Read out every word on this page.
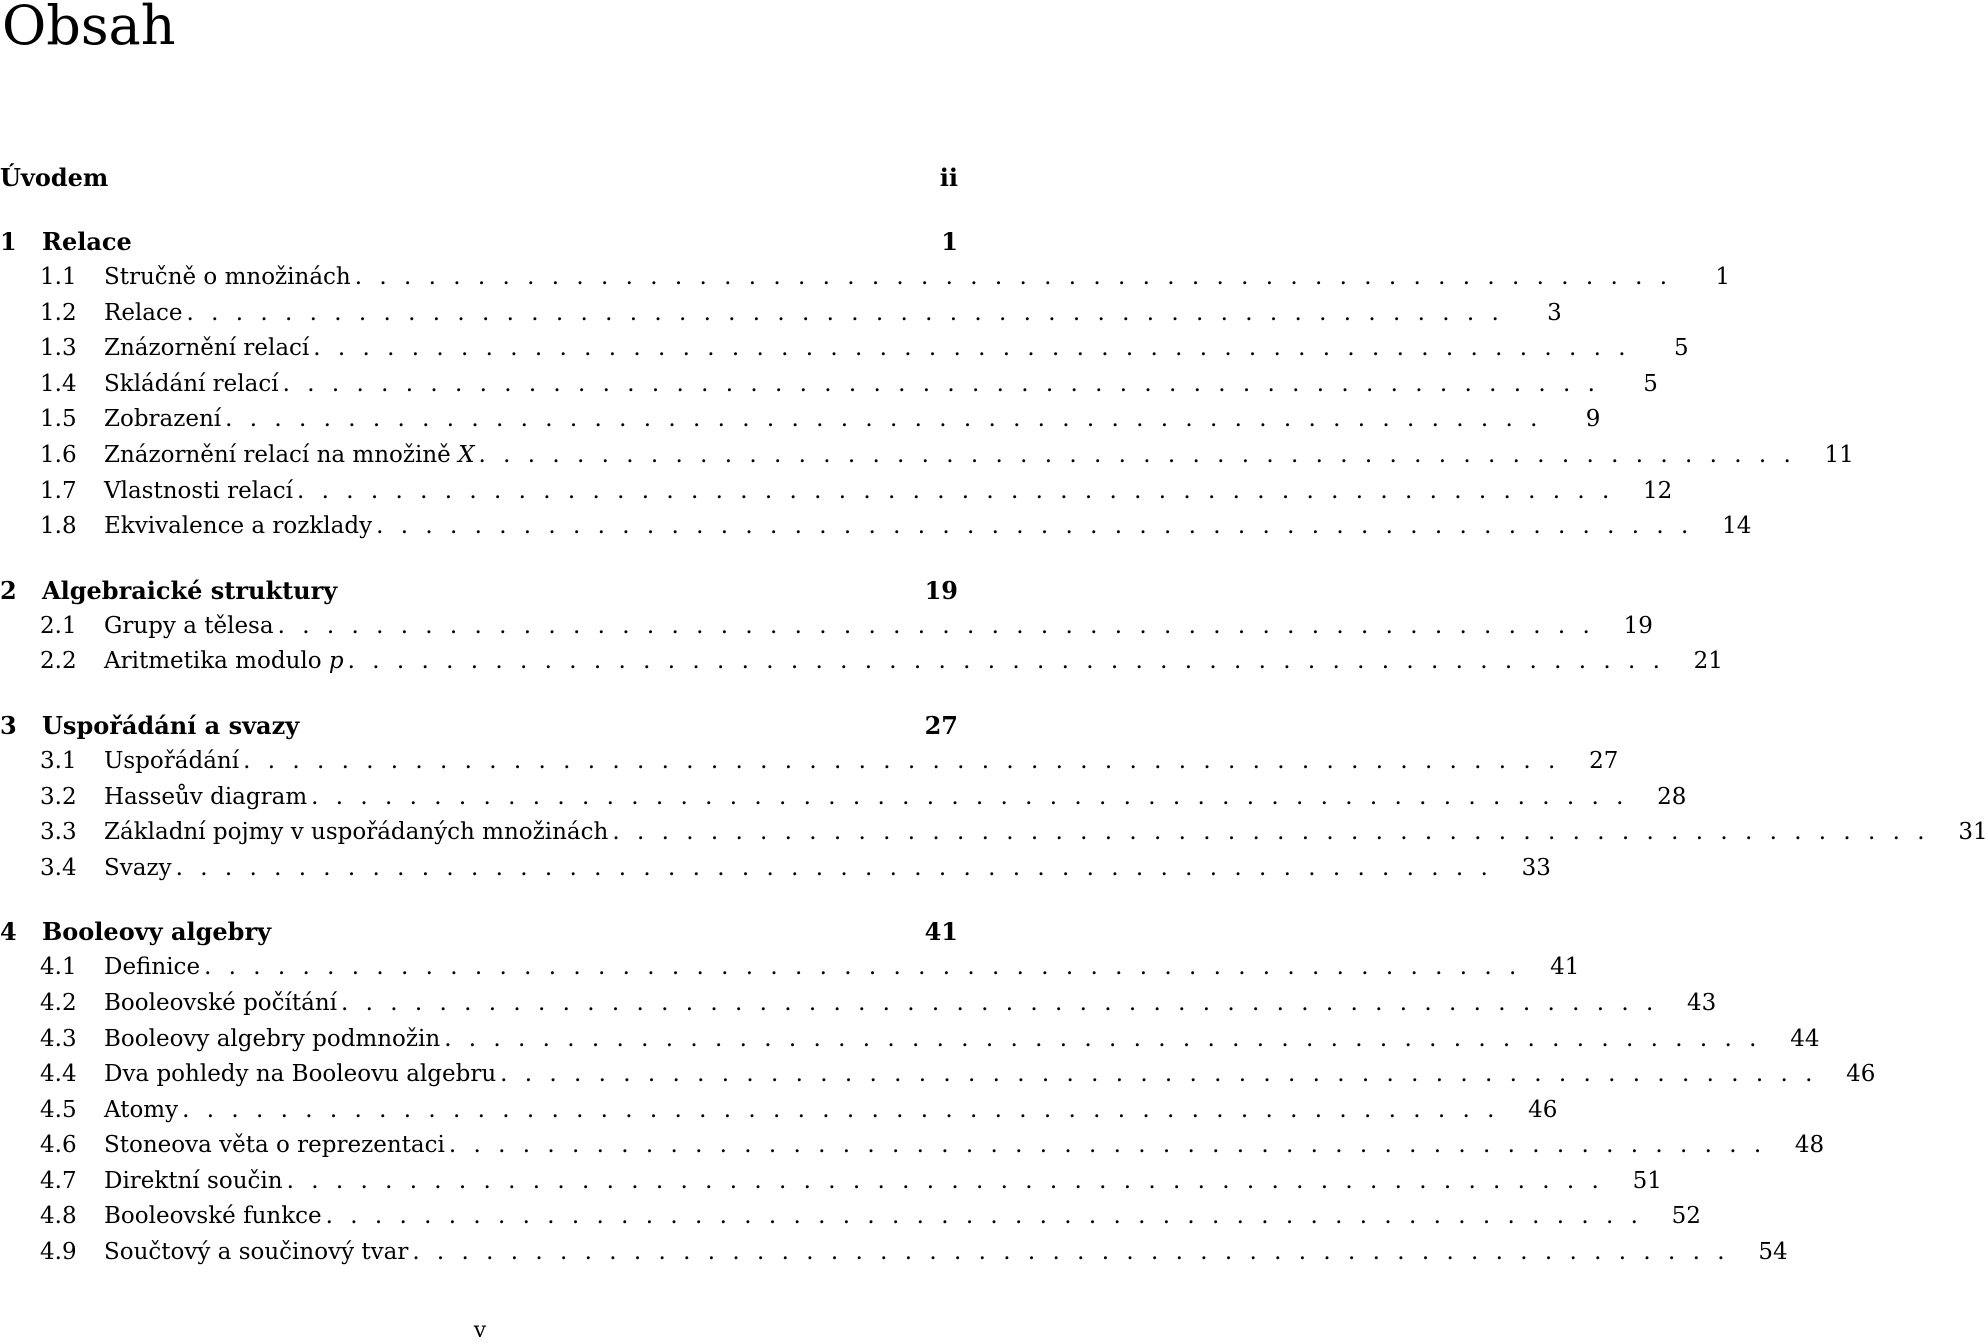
Obsah
Úvodem	ii
1	Relace	1
1.1	Stručně o množinách . . . . . . . . . . . . . . . . . . . . . . . . . . . . . . . . . . . . . . . . . . . . . . . . . . . . . .	1
1.2	Relace . . . . . . . . . . . . . . . . . . . . . . . . . . . . . . . . . . . . . . . . . . . . . . . . . . . . . .	3
1.3	Znázornění relací . . . . . . . . . . . . . . . . . . . . . . . . . . . . . . . . . . . . . . . . . . . . . . . . . . . . . .	5
1.4	Skládání relací . . . . . . . . . . . . . . . . . . . . . . . . . . . . . . . . . . . . . . . . . . . . . . . . . . . . . .	5
1.5	Zobrazení . . . . . . . . . . . . . . . . . . . . . . . . . . . . . . . . . . . . . . . . . . . . . . . . . . . . . .	9
1.6	Znázornění relací na množině X . . . . . . . . . . . . . . . . . . . . . . . . . . . . . . . . . . . . . . . . . . . . . . . . . . . . . .	11
1.7	Vlastnosti relací . . . . . . . . . . . . . . . . . . . . . . . . . . . . . . . . . . . . . . . . . . . . . . . . . . . . . .	12
1.8	Ekvivalence a rozklady . . . . . . . . . . . . . . . . . . . . . . . . . . . . . . . . . . . . . . . . . . . . . . . . . . . . . .	14
2	Algebraické struktury	19
2.1	Grupy a tělesa . . . . . . . . . . . . . . . . . . . . . . . . . . . . . . . . . . . . . . . . . . . . . . . . . . . . . .	19
2.2	Aritmetika modulo p . . . . . . . . . . . . . . . . . . . . . . . . . . . . . . . . . . . . . . . . . . . . . . . . . . . . . .	21
3	Uspořádání a svazy	27
3.1	Uspořádání . . . . . . . . . . . . . . . . . . . . . . . . . . . . . . . . . . . . . . . . . . . . . . . . . . . . . .	27
3.2	Hasseův diagram . . . . . . . . . . . . . . . . . . . . . . . . . . . . . . . . . . . . . . . . . . . . . . . . . . . . . .	28
3.3	Základní pojmy v uspořádaných množinách . . . . . . . . . . . . . . . . . . . . . . . . . . . . . . . . . . . . . . . . . . . . . . . . . . . . . .	31
3.4	Svazy . . . . . . . . . . . . . . . . . . . . . . . . . . . . . . . . . . . . . . . . . . . . . . . . . . . . . .	33
4	Booleovy algebry	41
4.1	Definice . . . . . . . . . . . . . . . . . . . . . . . . . . . . . . . . . . . . . . . . . . . . . . . . . . . . . .	41
4.2	Booleovské počítání . . . . . . . . . . . . . . . . . . . . . . . . . . . . . . . . . . . . . . . . . . . . . . . . . . . . . .	43
4.3	Booleovy algebry podmnožin . . . . . . . . . . . . . . . . . . . . . . . . . . . . . . . . . . . . . . . . . . . . . . . . . . . . . .	44
4.4	Dva pohledy na Booleovu algebru . . . . . . . . . . . . . . . . . . . . . . . . . . . . . . . . . . . . . . . . . . . . . . . . . . . . . .	46
4.5	Atomy . . . . . . . . . . . . . . . . . . . . . . . . . . . . . . . . . . . . . . . . . . . . . . . . . . . . . .	46
4.6	Stoneova věta o reprezentaci . . . . . . . . . . . . . . . . . . . . . . . . . . . . . . . . . . . . . . . . . . . . . . . . . . . . . .	48
4.7	Direktní součin . . . . . . . . . . . . . . . . . . . . . . . . . . . . . . . . . . . . . . . . . . . . . . . . . . . . . .	51
4.8	Booleovské funkce . . . . . . . . . . . . . . . . . . . . . . . . . . . . . . . . . . . . . . . . . . . . . . . . . . . . . .	52
4.9	Součtový a součinový tvar . . . . . . . . . . . . . . . . . . . . . . . . . . . . . . . . . . . . . . . . . . . . . . . . . . . . . .	54
v
